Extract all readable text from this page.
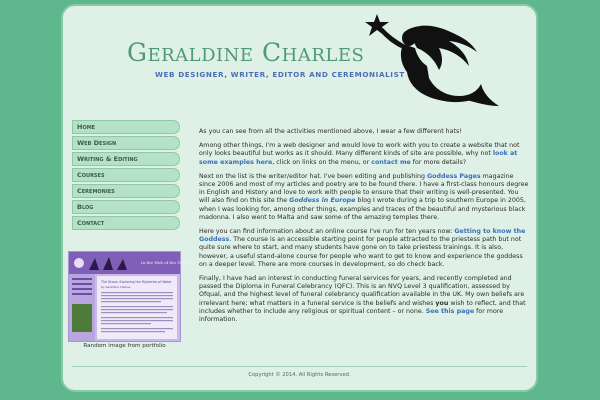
Geraldine Charles
WEB DESIGNER, WRITER, EDITOR AND CEREMONIALIST
Home
Web Design
Writing & Editing
Courses
Ceremonies
Blog
Contact
In the Web of the Goddess
The Grove: Exploring the Mysteries of Water
by Geraldine Charles
Random image from portfolio

As you can see from all the activities mentioned above, I wear a few different hats!

Among other things, I'm a web designer and would love to work with you to create a website that not only looks beautiful but works as it should. Many different kinds of site are possible, why not look at some examples here, click on links on the menu, or contact me for more details?

Next on the list is the writer/editor hat. I've been editing and publishing Goddess Pages magazine since 2006 and most of my articles and poetry are to be found there. I have a first-class honours degree in English and History and love to work with people to ensure that their writing is well-presented. You will also find on this site the Goddess in Europe blog I wrote during a trip to southern Europe in 2005, when I was looking for, among other things, examples and traces of the beautiful and mysterious black madonna. I also went to Malta and saw some of the amazing temples there.

Here you can find information about an online course I've run for ten years now: Getting to know the Goddess. The course is an accessible starting point for people attracted to the priestess path but not quite sure where to start, and many students have gone on to take priestess trainings. It is also, however, a useful stand-alone course for people who want to get to know and experience the goddess on a deeper level. There are more courses in development, so do check back.

Finally, I have had an interest in conducting funeral services for years, and recently completed and passed the Diploma in Funeral Celebrancy (QFC). This is an NVQ Level 3 qualification, assessed by Ofqual, and the highest level of funeral celebrancy qualification available in the UK. My own beliefs are irrelevant here; what matters in a funeral service is the beliefs and wishes you wish to reflect, and that includes whether to include any religious or spiritual content – or none. See this page for more information.

Copyright © 2014. All Rights Reserved.
